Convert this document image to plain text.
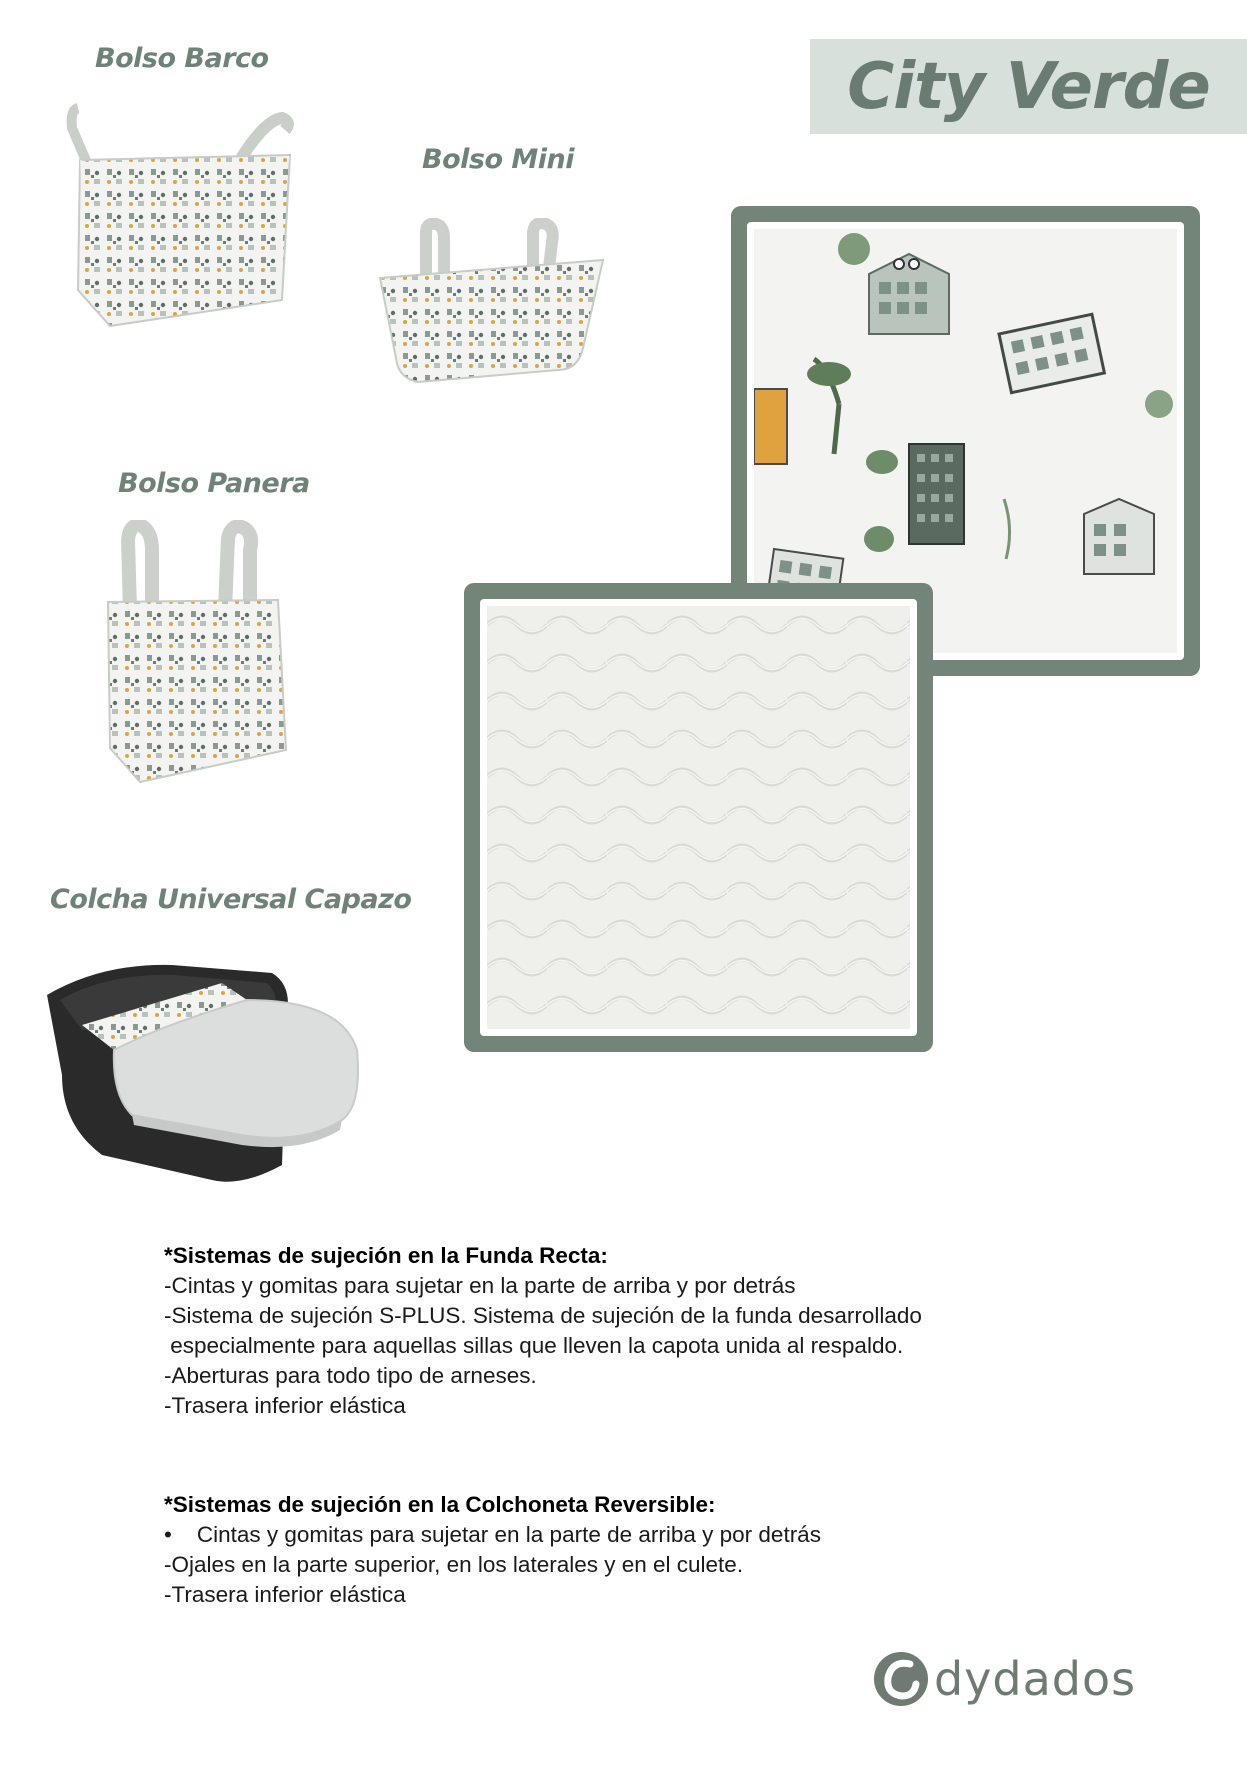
City Verde
Bolso Barco
Bolso Mini
Bolso Panera
Colcha Universal Capazo
*Sistemas de sujeción en la Funda Recta:
-Cintas y gomitas para sujetar en la parte de arriba y por detrás
-Sistema de sujeción S-PLUS. Sistema de sujeción de la funda desarrollado
especialmente para aquellas sillas que lleven la capota unida al respaldo.
-Aberturas para todo tipo de arneses.
-Trasera inferior elástica
*Sistemas de sujeción en la Colchoneta Reversible:
•    Cintas y gomitas para sujetar en la parte de arriba y por detrás
-Ojales en la parte superior, en los laterales y en el culete.
-Trasera inferior elástica
dydados
